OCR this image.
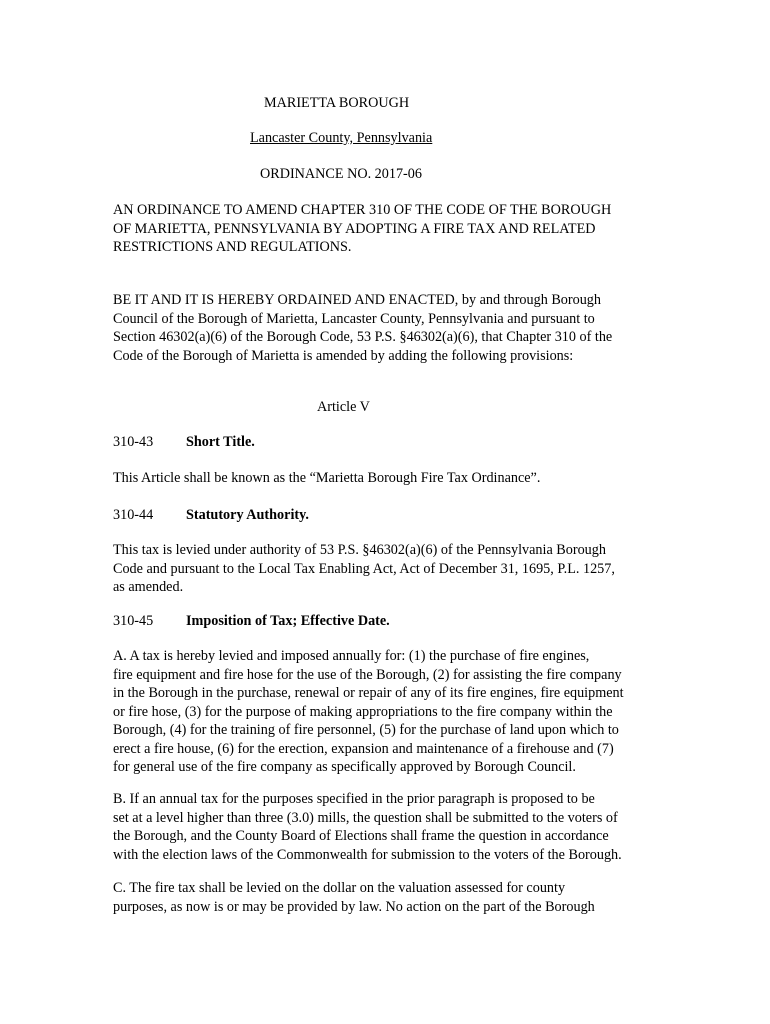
MARIETTA BOROUGH
Lancaster County, Pennsylvania
ORDINANCE NO. 2017-06

AN ORDINANCE TO AMEND CHAPTER 310 OF THE CODE OF THE BOROUGH

OF MARIETTA, PENNSYLVANIA BY ADOPTING A FIRE TAX AND RELATED

RESTRICTIONS AND REGULATIONS.

BE IT AND IT IS HEREBY ORDAINED AND ENACTED, by and through Borough

Council of the Borough of Marietta, Lancaster County, Pennsylvania and pursuant to

Section 46302(a)(6) of the Borough Code, 53 P.S. §46302(a)(6), that Chapter 310 of the

Code of the Borough of Marietta is amended by adding the following provisions:

Article V
310-43 Short Title.

This Article shall be known as the “Marietta Borough Fire Tax Ordinance”.

310-44 Statutory Authority.

This tax is levied under authority of 53 P.S. §46302(a)(6) of the Pennsylvania Borough

Code and pursuant to the Local Tax Enabling Act, Act of December 31, 1695, P.L. 1257,

as amended.

310-45 Imposition of Tax; Effective Date.

A. A tax is hereby levied and imposed annually for: (1) the purchase of fire engines,

fire equipment and fire hose for the use of the Borough, (2) for assisting the fire company

in the Borough in the purchase, renewal or repair of any of its fire engines, fire equipment

or fire hose, (3) for the purpose of making appropriations to the fire company within the

Borough, (4) for the training of fire personnel, (5) for the purchase of land upon which to

erect a fire house, (6) for the erection, expansion and maintenance of a firehouse and (7)

for general use of the fire company as specifically approved by Borough Council.

B. If an annual tax for the purposes specified in the prior paragraph is proposed to be

set at a level higher than three (3.0) mills, the question shall be submitted to the voters of

the Borough, and the County Board of Elections shall frame the question in accordance

with the election laws of the Commonwealth for submission to the voters of the Borough.

C. The fire tax shall be levied on the dollar on the valuation assessed for county

purposes, as now is or may be provided by law. No action on the part of the Borough
